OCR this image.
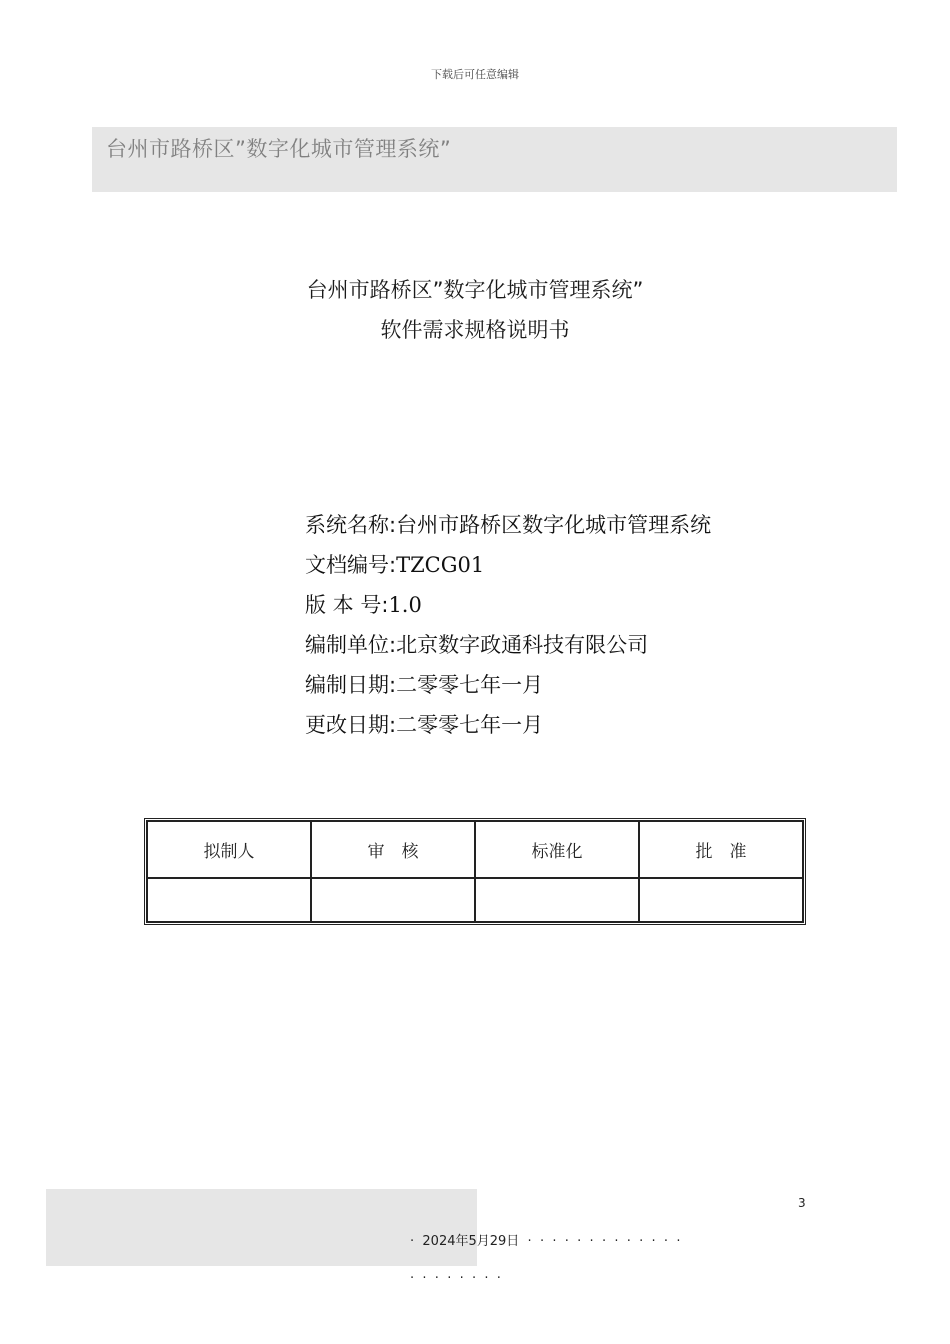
下载后可任意编辑
台州市路桥区”数字化城市管理系统”
台州市路桥区”数字化城市管理系统”
软件需求规格说明书
系统名称:台州市路桥区数字化城市管理系统
文档编号:TZCG01
版 本 号:1.0
编制单位:北京数字政通科技有限公司
编制日期:二零零七年一月
更改日期:二零零七年一月
拟制人	审　核	标准化	批　准

3
·  2024年5月29日  ·  ·  ·  ·  ·  ·  ·  ·  ·  ·  ·  ·  ·
·  ·  ·  ·  ·  ·  ·  ·
